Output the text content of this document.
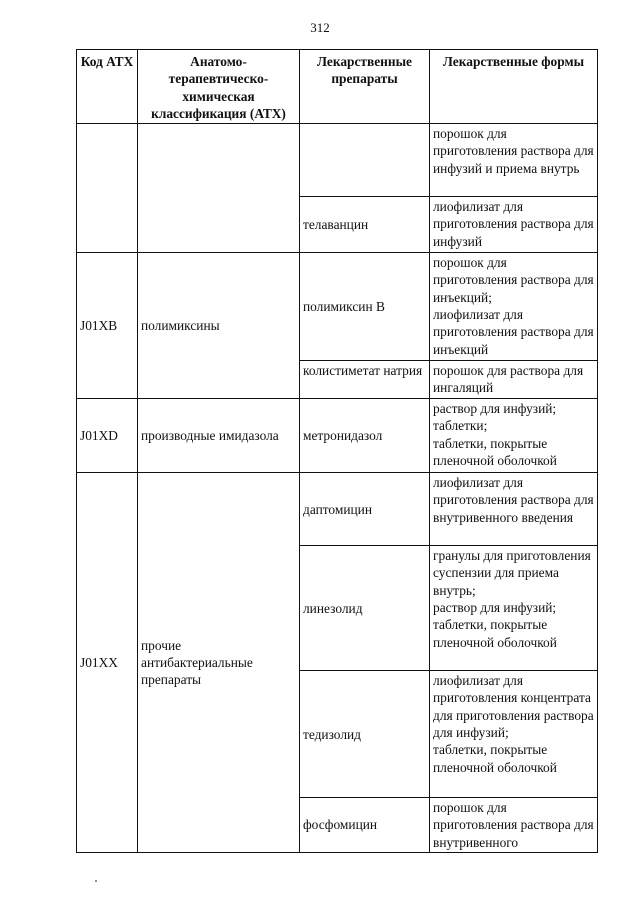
312
Код АТХ	Анатомо-терапевтическо-химическая классификация (АТХ)	Лекарственные препараты	Лекарственные формы

			порошок для приготовления раствора для инфузий и приема внутрь

		телаванцин	лиофилизат для приготовления раствора для инфузий

J01XB	полимиксины	полимиксин В	порошок для приготовления раствора для инъекций;
лиофилизат для приготовления раствора для инъекций

		колистиметат натрия	порошок для раствора для ингаляций

J01XD	производные имидазола	метронидазол	раствор для инфузий;
таблетки;
таблетки, покрытые пленочной оболочкой

J01XX	прочие антибактериальные препараты	даптомицин	лиофилизат для приготовления раствора для внутривенного введения

		линезолид	гранулы для приготовления суспензии для приема внутрь;
раствор для инфузий;
таблетки, покрытые пленочной оболочкой

		тедизолид	лиофилизат для приготовления концентрата для приготовления раствора для инфузий;
таблетки, покрытые пленочной оболочкой

		фосфомицин	порошок для приготовления раствора для внутривенного
